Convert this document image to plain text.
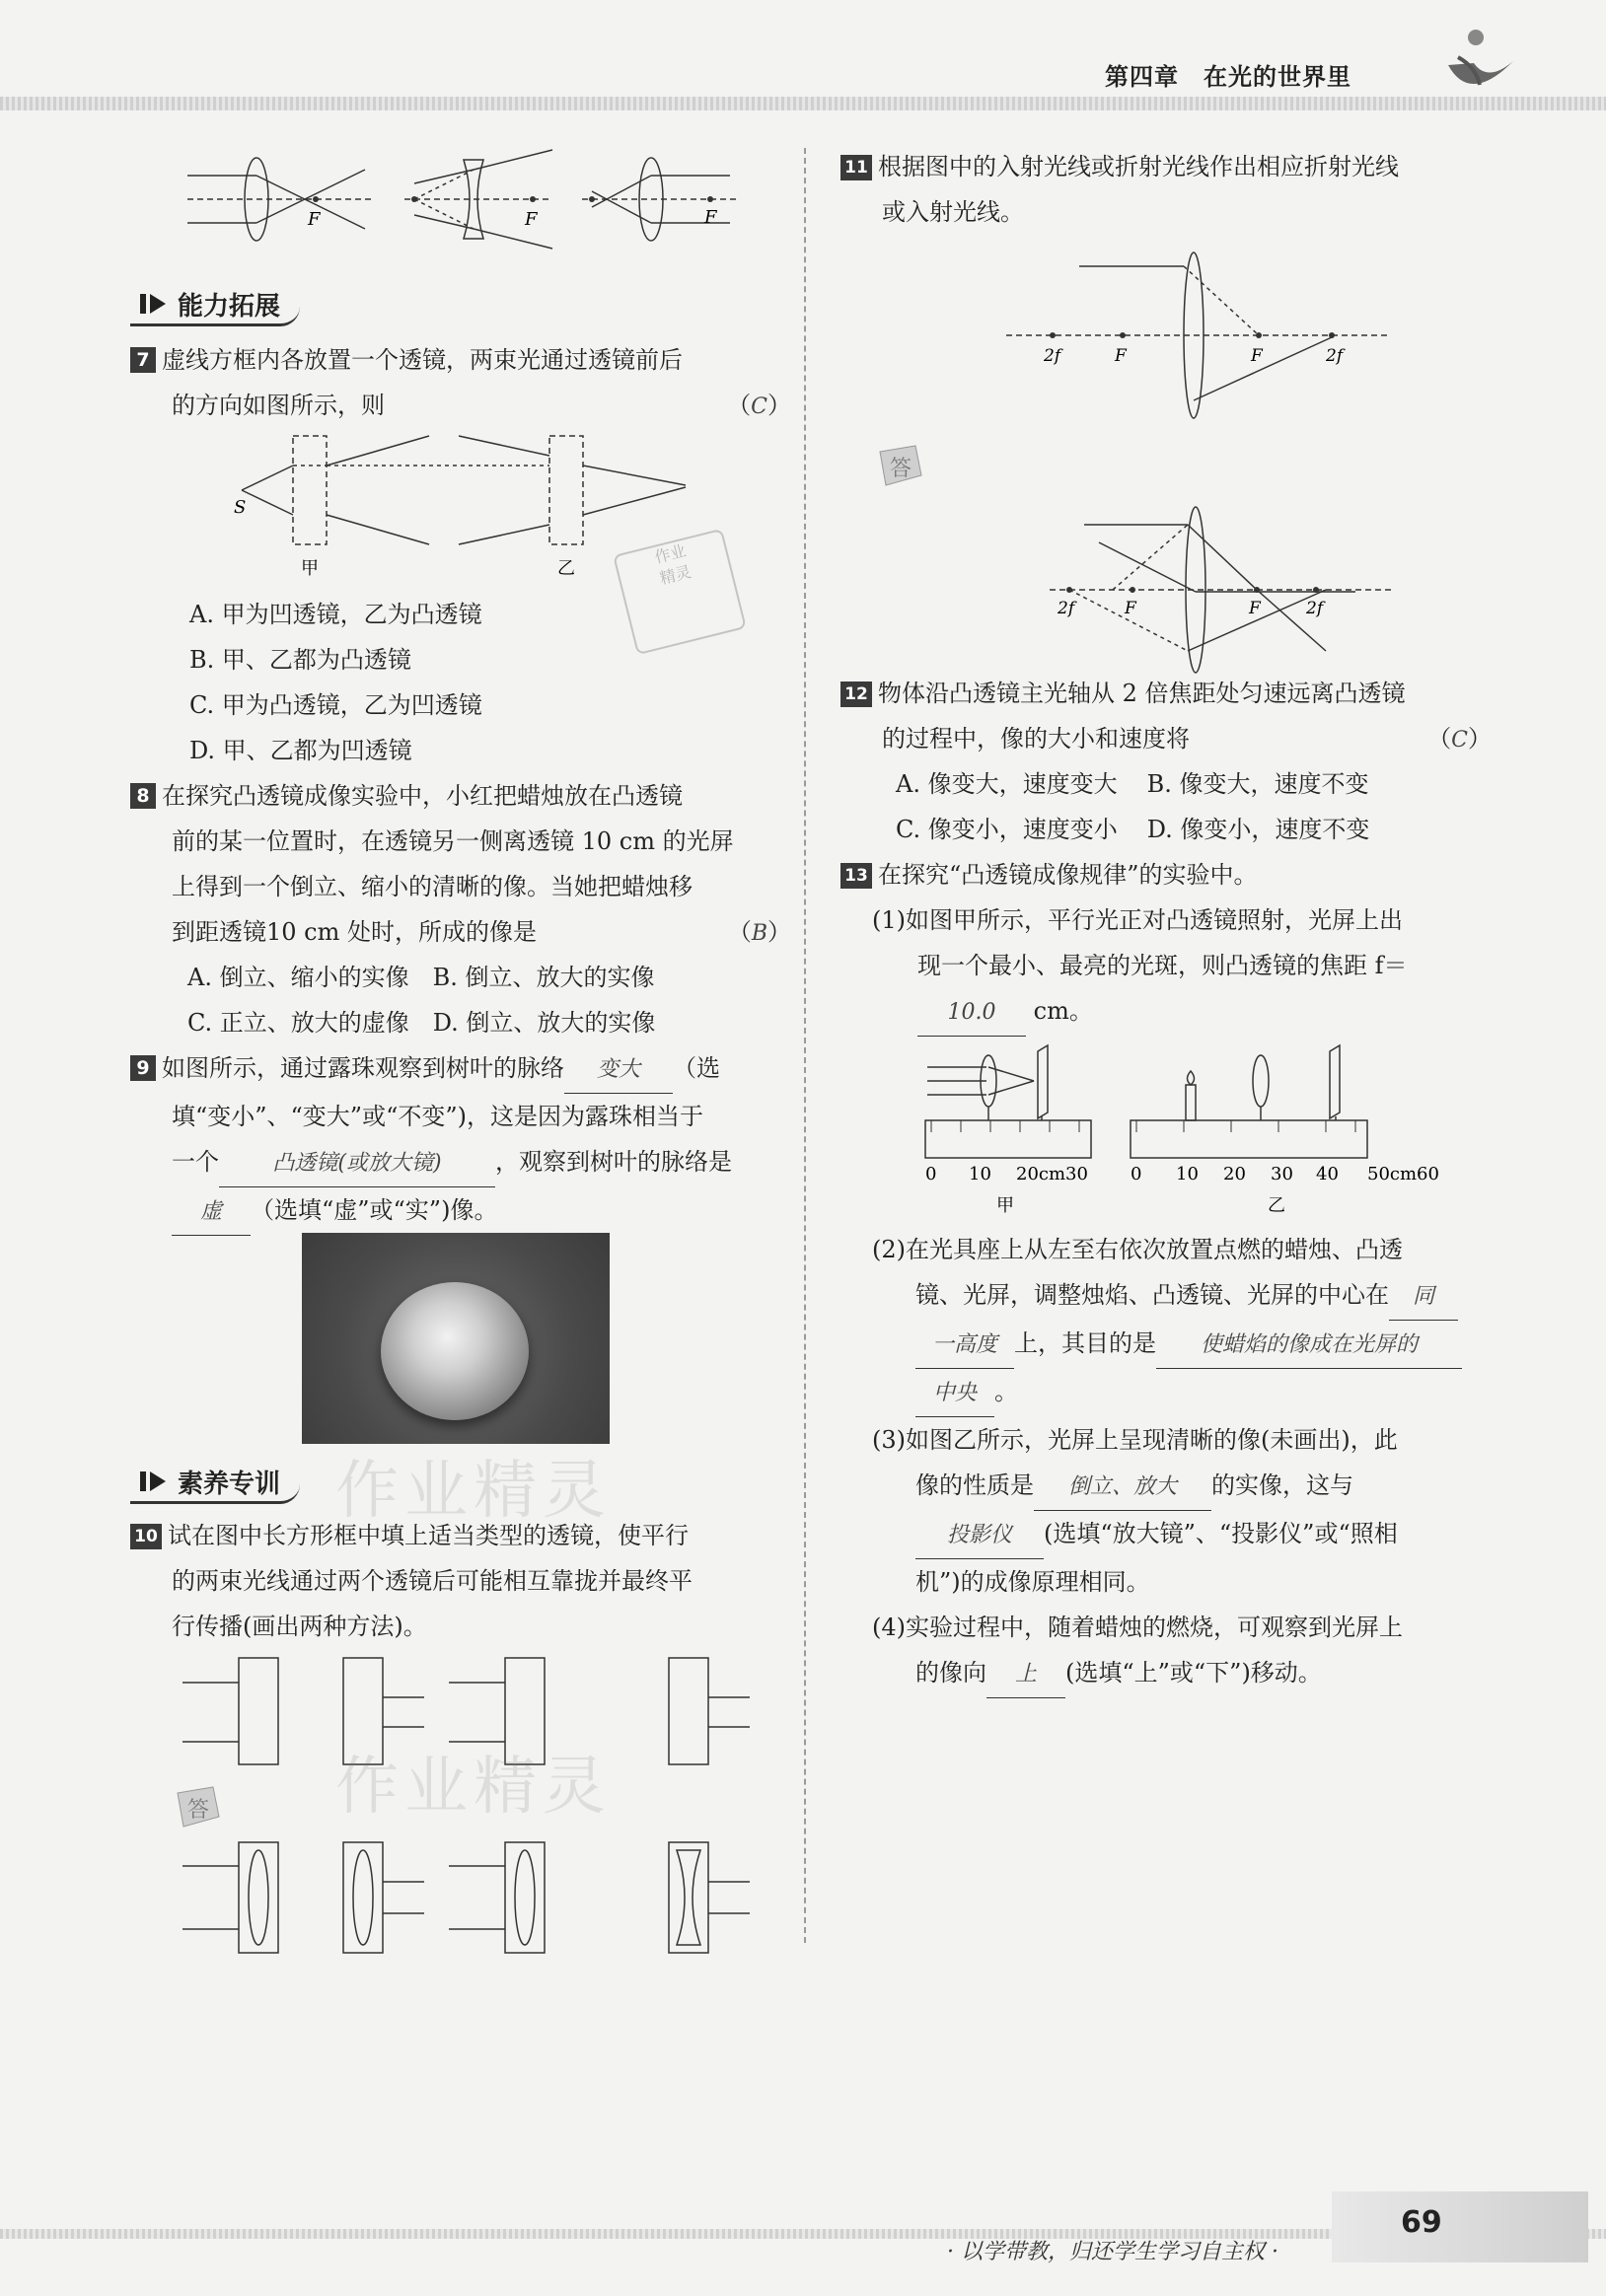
第四章　在光的世界里
F	F	F
能力拓展
7 虚线方框内各放置一个透镜，两束光通过透镜前后
的方向如图所示，则	（C）
S
甲	乙
作业
精灵
A. 甲为凹透镜，乙为凸透镜
B. 甲、乙都为凸透镜
C. 甲为凸透镜，乙为凹透镜
D. 甲、乙都为凹透镜
8 在探究凸透镜成像实验中，小红把蜡烛放在凸透镜
前的某一位置时，在透镜另一侧离透镜 10 cm 的光屏
上得到一个倒立、缩小的清晰的像。当她把蜡烛移
到距透镜10 cm 处时，所成的像是	（B）
A. 倒立、缩小的实像 B. 倒立、放大的实像
C. 正立、放大的虚像 D. 倒立、放大的实像
9 如图所示，通过露珠观察到树叶的脉络 变大 （选
填“变小”、“变大”或“不变”)，这是因为露珠相当于
一个 凸透镜(或放大镜) ，观察到树叶的脉络是
虚 （选填“虚”或“实”)像。
素养专训 作业精灵
10 试在图中长方形框中填上适当类型的透镜，使平行
的两束光线通过两个透镜后可能相互靠拢并最终平
行传播(画出两种方法)。
作业精灵
答
11 根据图中的入射光线或折射光线作出相应折射光线
或入射光线。
2f	F	F	2f
答
2f	F	F	2f
12 物体沿凸透镜主光轴从 2 倍焦距处匀速远离凸透镜
的过程中，像的大小和速度将	（C）
A. 像变大，速度变大 B. 像变大，速度不变
C. 像变小，速度变小 D. 像变小，速度不变
13 在探究“凸透镜成像规律”的实验中。
(1)如图甲所示，平行光正对凸透镜照射，光屏上出
现一个最小、最亮的光斑，则凸透镜的焦距 f＝
10.0 cm。
0 10 20cm30 0 10 20 30 40 50cm60
甲	乙
(2)在光具座上从左至右依次放置点燃的蜡烛、凸透
镜、光屏，调整烛焰、凸透镜、光屏的中心在 同
一高度 上，其目的是 使蜡焰的像成在光屏的
中央 。
(3)如图乙所示，光屏上呈现清晰的像(未画出)，此
像的性质是 倒立、放大 的实像，这与
投影仪 (选填“放大镜”、“投影仪”或“照相
机”)的成像原理相同。
(4)实验过程中，随着蜡烛的燃烧，可观察到光屏上
的像向 上 (选填“上”或“下”)移动。
69
· 以学带教，归还学生学习自主权 ·
